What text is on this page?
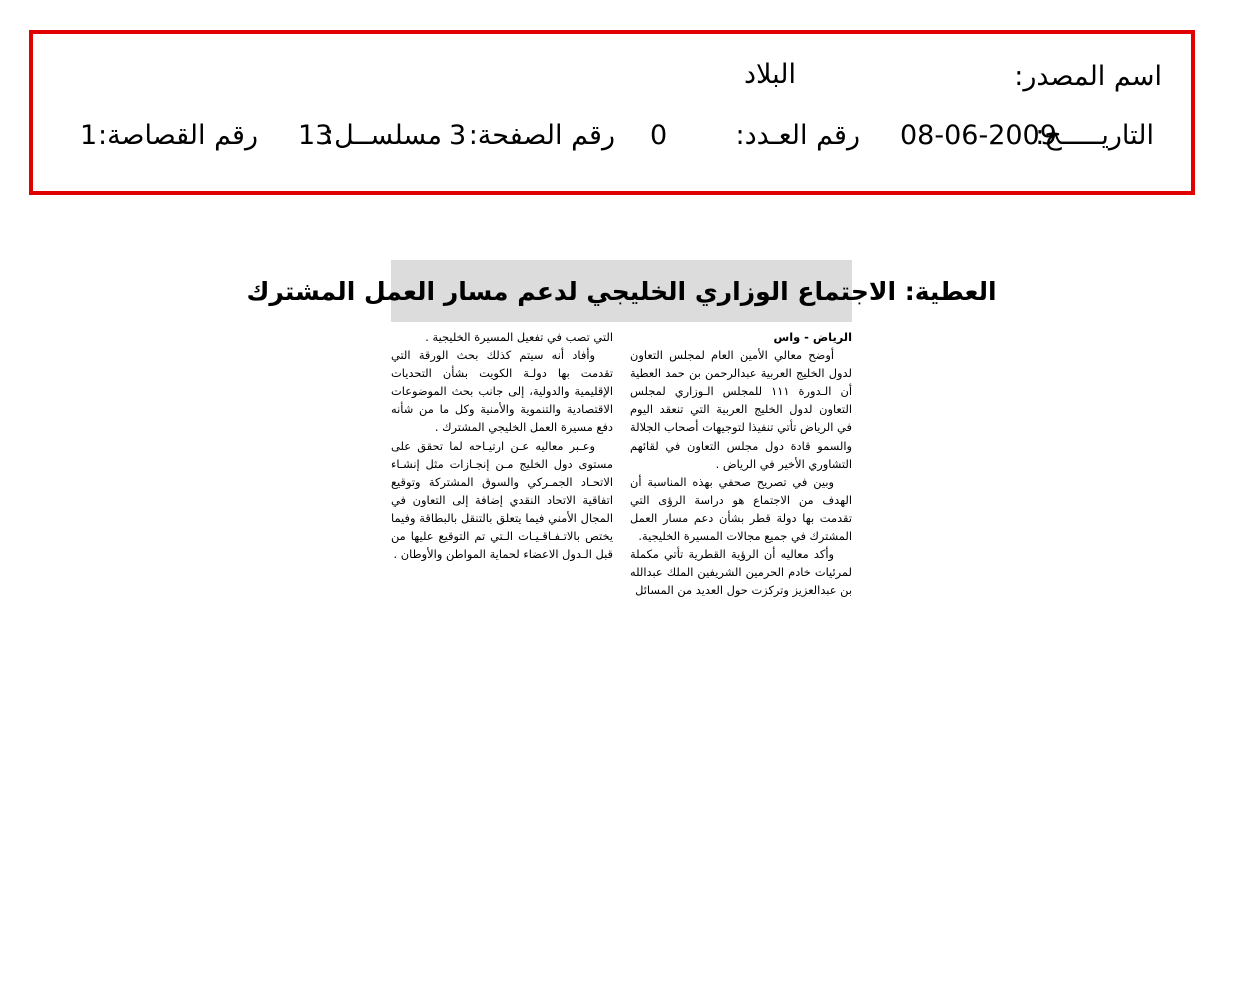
اسم المصدر:
البلاد
التاريـــــخ:
08-06-2009
رقم العـدد:
0
رقم الصفحة:
3
مسلســل:
13
رقم القصاصة:
1
العطية: الاجتماع الوزاري الخليجي لدعم مسار العمل المشترك

الرياض - واس

أوضح معالي الأمين العام لمجلس التعاون لدول الخليج العربية عبدالرحمن بن حمد العطية أن الـدورة ١١١ للمجلس الـوزاري لمجلس التعاون لدول الخليج العربية التي تنعقد اليوم في الرياض تأتي تنفيذا لتوجيهات أصحاب الجلالة والسمو قادة دول مجلس التعاون في لقائهم التشاوري الأخير في الرياض .

وبين في تصريح صحفي بهذه المناسبة أن الهدف من الاجتماع هو دراسة الرؤى التي تقدمت بها دولة قطر بشأن دعم مسار العمل المشترك في جميع مجالات المسيرة الخليجية.

وأكد معاليه أن الرؤية القطرية تأتي مكملة لمرئيات خادم الحرمين الشريفين الملك عبدالله بن عبدالعزيز وتركزت حول العديد من المسائل

التي تصب في تفعيل المسيرة الخليجية .

وأفاد أنه سيتم كذلك بحث الورقة التي تقدمت بها دولـة الكويت بشأن التحديات الإقليمية والدولية، إلى جانب بحث الموضوعات الاقتصادية والتنموية والأمنية وكل ما من شأنه دفع مسيرة العمل الخليجي المشترك .

وعـبر معاليه عـن ارتيـاحه لما تحقق على مستوى دول الخليج مـن إنجـازات مثل إنشـاء الاتحـاد الجمـركي والسوق المشتركة وتوقيع اتفاقية الاتحاد النقدي إضافة إلى التعاون في المجال الأمني فيما يتعلق بالتنقل بالبطاقة وفيما يختص بالاتـفـاقـيـات الـتي تم التوقيع عليها من قبل الـدول الاعضاء لحماية المواطن والأوطان .
